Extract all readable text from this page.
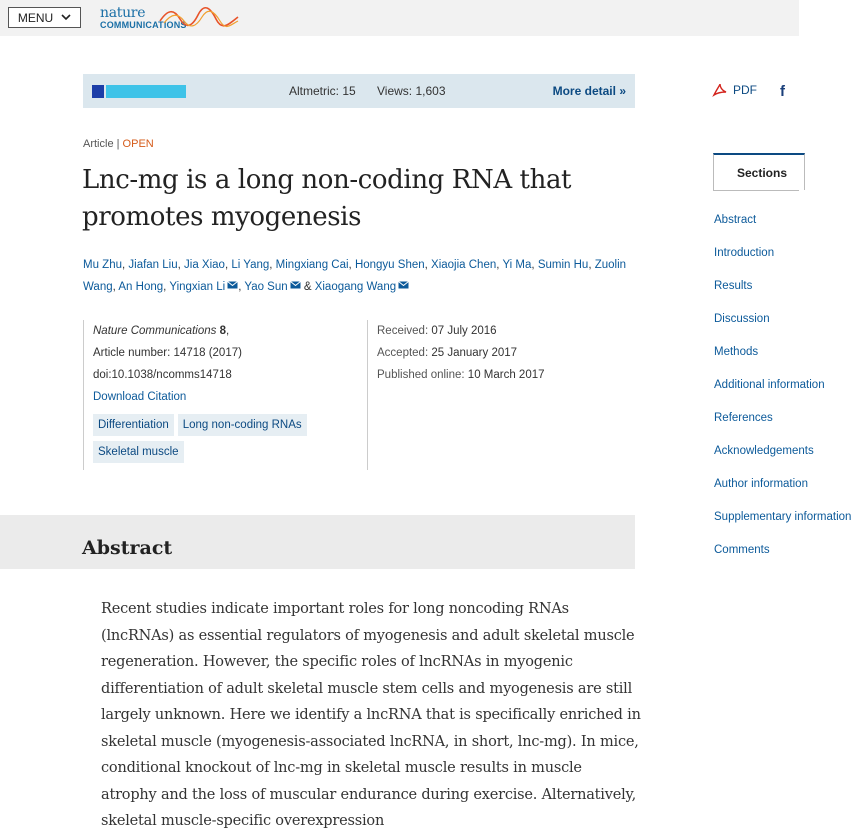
MENU	nature
COMMUNICATIONS
Altmetric: 15 Views: 1,603	More detail »	PDF f
Article | OPEN
Lnc-mg is a long non-coding RNA that promotes myogenesis
Mu Zhu, Jiafan Liu, Jia Xiao, Li Yang, Mingxiang Cai, Hongyu Shen, Xiaojia Chen, Yi Ma, Sumin Hu, Zuolin Wang, An Hong, Yingxian Li , Yao Sun & Xiaogang Wang
Nature Communications 8,
Article number: 14718 (2017)
doi:10.1038/ncomms14718
Download Citation
Differentiation	Long non-coding RNAs
Skeletal muscle
Received: 07 July 2016
Accepted: 25 January 2017
Published online: 10 March 2017
Abstract

Recent studies indicate important roles for long noncoding RNAs (lncRNAs) as essential regulators of myogenesis and adult skeletal muscle regeneration. However, the specific roles of lncRNAs in myogenic differentiation of adult skeletal muscle stem cells and myogenesis are still largely unknown. Here we identify a lncRNA that is specifically enriched in skeletal muscle (myogenesis-associated lncRNA, in short, lnc-mg). In mice, conditional knockout of lnc-mg in skeletal muscle results in muscle atrophy and the loss of muscular endurance during exercise. Alternatively, skeletal muscle-specific overexpression

Sections
Abstract
Introduction
Results
Discussion
Methods
Additional information
References
Acknowledgements
Author information
Supplementary information
Comments
